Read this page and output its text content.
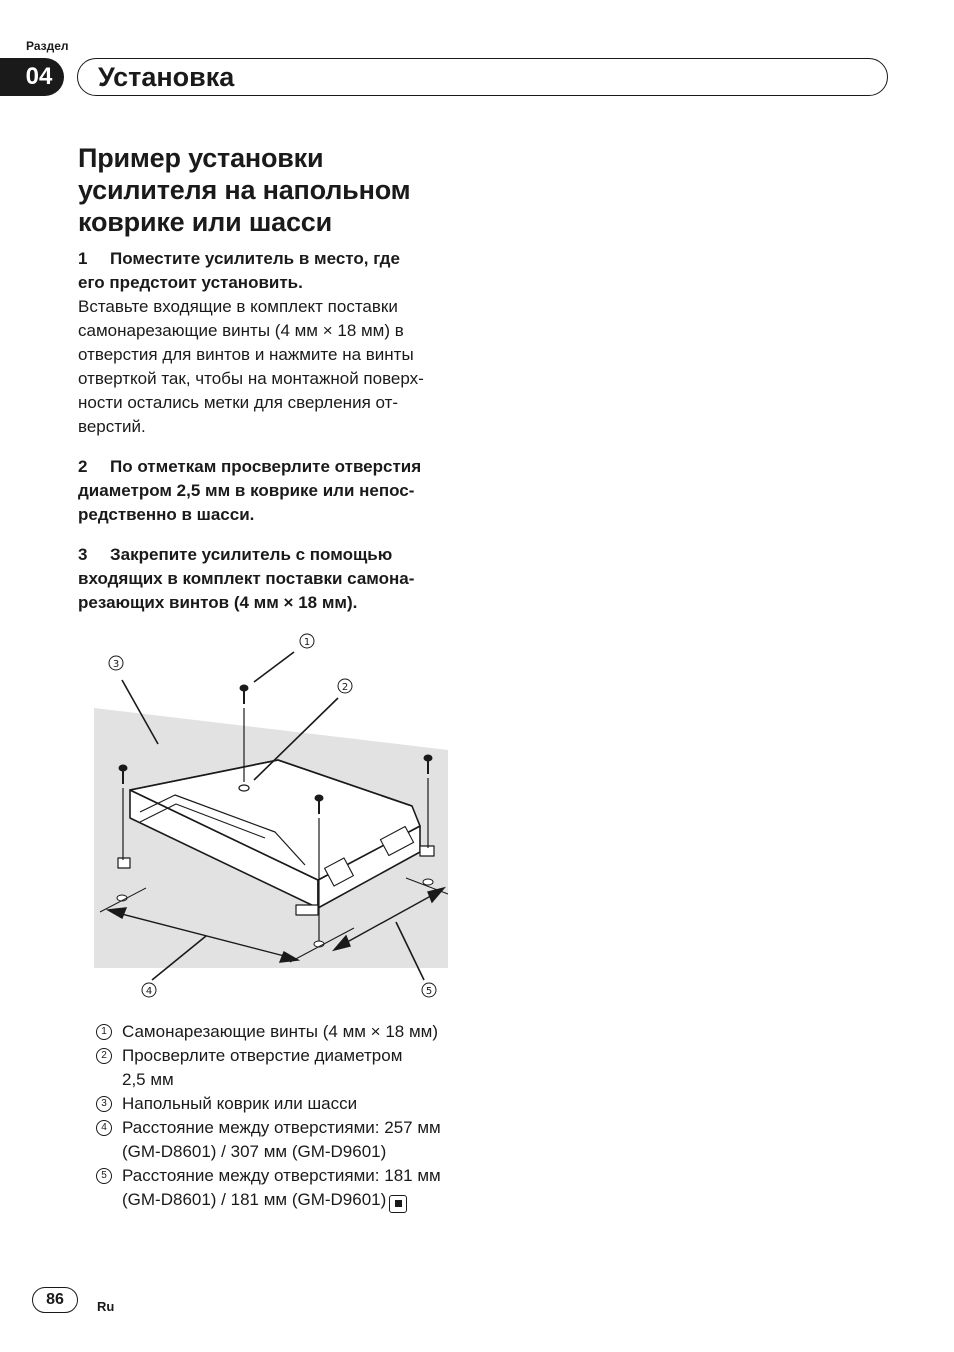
Раздел
04	Установка
Пример установки
усилителя на напольном
коврике или шасси

1 Поместите усилитель в место, где
его предстоит установить.

Вставьте входящие в комплект поставки
самонарезающие винты (4 мм × 18 мм) в
отверстия для винтов и нажмите на винты
отверткой так, чтобы на монтажной поверх-
ности остались метки для сверления от-
верстий.

2 По отметкам просверлите отверстия
диаметром 2,5 мм в коврике или непос-
редственно в шасси.

3 Закрепите усилитель с помощью
входящих в комплект поставки самона-
резающих винтов (4 мм × 18 мм).

1
2
3
4	5
1 Самонарезающие винты (4 мм × 18 мм)
2 Просверлите отверстие диаметром
2,5 мм
3 Напольный коврик или шасси
4 Расстояние между отверстиями: 257 мм
(GM-D8601) / 307 мм (GM-D9601)
5 Расстояние между отверстиями: 181 мм
(GM-D8601) / 181 мм (GM-D9601)
86	Ru
